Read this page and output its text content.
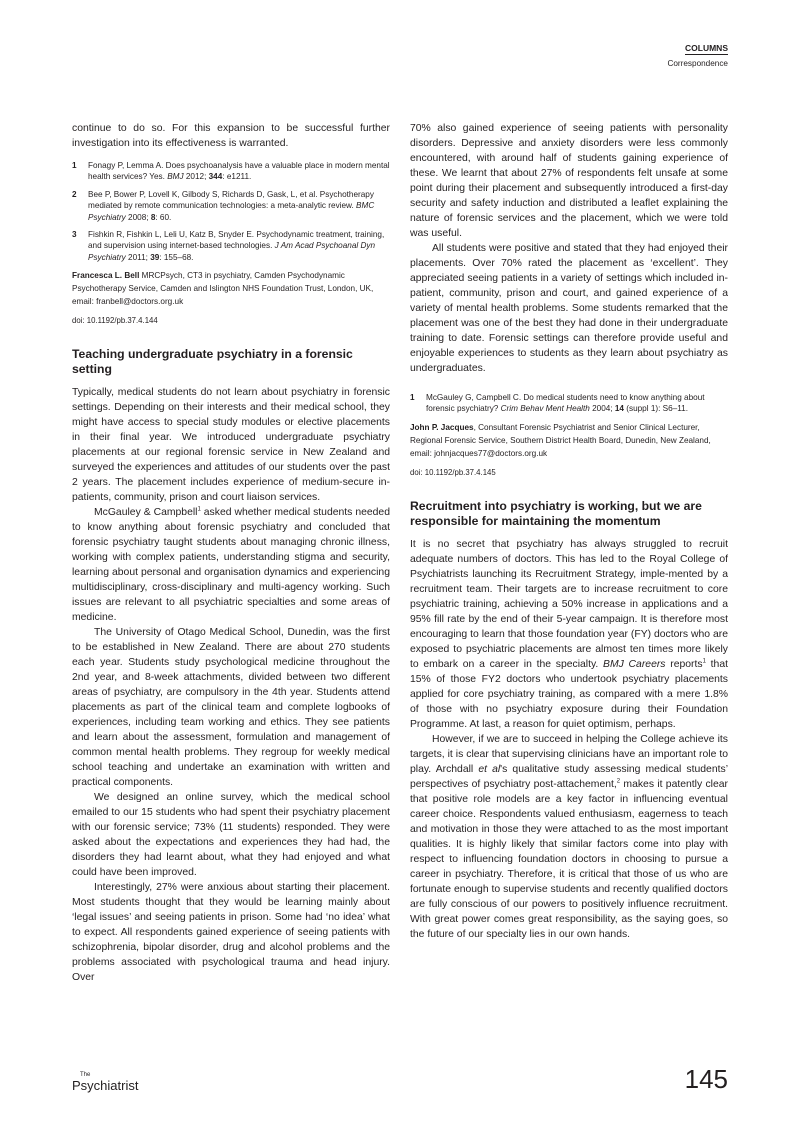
COLUMNS
Correspondence

continue to do so. For this expansion to be successful further investigation into its effectiveness is warranted.

1	Fonagy P, Lemma A. Does psychoanalysis have a valuable place in modern mental health services? Yes. BMJ 2012; 344: e1211.
2	Bee P, Bower P, Lovell K, Gilbody S, Richards D, Gask, L, et al. Psychotherapy mediated by remote communication technologies: a meta-analytic review. BMC Psychiatry 2008; 8: 60.
3	Fishkin R, Fishkin L, Leli U, Katz B, Snyder E. Psychodynamic treatment, training, and supervision using internet-based technologies. J Am Acad Psychoanal Dyn Psychiatry 2011; 39: 155–68.

Francesca L. Bell MRCPsych, CT3 in psychiatry, Camden Psychodynamic Psychotherapy Service, Camden and Islington NHS Foundation Trust, London, UK, email: franbell@doctors.org.uk

doi: 10.1192/pb.37.4.144

Teaching undergraduate psychiatry in a forensic setting

Typically, medical students do not learn about psychiatry in forensic settings. Depending on their interests and their medical school, they might have access to special study modules or elective placements in their final year. We introduced undergraduate psychiatry placements at our regional forensic service in New Zealand and surveyed the experiences and attitudes of our students over the past 2 years. The placement includes experience of medium-secure in-patients, community, prison and court liaison services.

McGauley & Campbell$^1$ asked whether medical students needed to know anything about forensic psychiatry and concluded that forensic psychiatry taught students about managing chronic illness, working with complex patients, understanding stigma and security, learning about personal and organisation dynamics and experiencing multidisciplinary, cross-disciplinary and multi-agency working. Such issues are relevant to all psychiatric specialties and some areas of medicine.

The University of Otago Medical School, Dunedin, was the first to be established in New Zealand. There are about 270 students each year. Students study psychological medicine throughout the 2nd year, and 8-week attachments, divided between two different areas of psychiatry, are compulsory in the 4th year. Students attend placements as part of the clinical team and complete logbooks of experiences, including team working and ethics. They see patients and learn about the assessment, formulation and management of common mental health problems. They regroup for weekly medical school teaching and undertake an examination with written and practical components.

We designed an online survey, which the medical school emailed to our 15 students who had spent their psychiatry placement with our forensic service; 73% (11 students) responded. They were asked about the expectations and experiences they had had, the disorders they had learnt about, what they had enjoyed and what could have been improved.

Interestingly, 27% were anxious about starting their placement. Most students thought that they would be learning mainly about ‘legal issues’ and seeing patients in prison. Some had ‘no idea’ what to expect. All respondents gained experience of seeing patients with schizophrenia, bipolar disorder, drug and alcohol problems and the problems associated with psychological trauma and head injury. Over

70% also gained experience of seeing patients with personality disorders. Depressive and anxiety disorders were less commonly encountered, with around half of students gaining experience of these. We learnt that about 27% of respondents felt unsafe at some point during their placement and subsequently introduced a first-day security and safety induction and distributed a leaflet explaining the nature of forensic services and the placement, which we were told was useful.

All students were positive and stated that they had enjoyed their placements. Over 70% rated the placement as ‘excellent’. They appreciated seeing patients in a variety of settings which included in-patient, community, prison and court, and gained experience of a variety of mental health problems. Some students remarked that the placement was one of the best they had done in their undergraduate training to date. Forensic settings can therefore provide useful and enjoyable experiences to students as they learn about psychiatry as undergraduates.

1	McGauley G, Campbell C. Do medical students need to know anything about forensic psychiatry? Crim Behav Ment Health 2004; 14 (suppl 1): S6–11.

John P. Jacques, Consultant Forensic Psychiatrist and Senior Clinical Lecturer, Regional Forensic Service, Southern District Health Board, Dunedin, New Zealand, email: johnjacques77@doctors.org.uk

doi: 10.1192/pb.37.4.145

Recruitment into psychiatry is working, but we are responsible for maintaining the momentum

It is no secret that psychiatry has always struggled to recruit adequate numbers of doctors. This has led to the Royal College of Psychiatrists launching its Recruitment Strategy, imple-mented by a recruitment team. Their targets are to increase recruitment to core psychiatric training, achieving a 50% increase in applications and a 95% fill rate by the end of their 5-year campaign. It is therefore most encouraging to learn that those foundation year (FY) doctors who are exposed to psychiatric placements are almost ten times more likely to embark on a career in the specialty. BMJ Careers reports$^1$ that 15% of those FY2 doctors who undertook psychiatry placements applied for core psychiatry training, as compared with a mere 1.8% of those with no psychiatry exposure during their Foundation Programme. At last, a reason for quiet optimism, perhaps.

However, if we are to succeed in helping the College achieve its targets, it is clear that supervising clinicians have an important role to play. Archdall et al's qualitative study assessing medical students’ perspectives of psychiatry post-attachement,$^2$ makes it patently clear that positive role models are a key factor in influencing eventual career choice. Respondents valued enthusiasm, eagerness to teach and motivation in those they were attached to as the most important qualities. It is highly likely that similar factors come into play with respect to influencing foundation doctors in choosing to pursue a career in psychiatry. Therefore, it is critical that those of us who are fortunate enough to supervise students and recently qualified doctors are fully conscious of our powers to positively influence recruitment. With great power comes great responsibility, as the saying goes, so the future of our specialty lies in our own hands.

The
Psychiatrist	145
